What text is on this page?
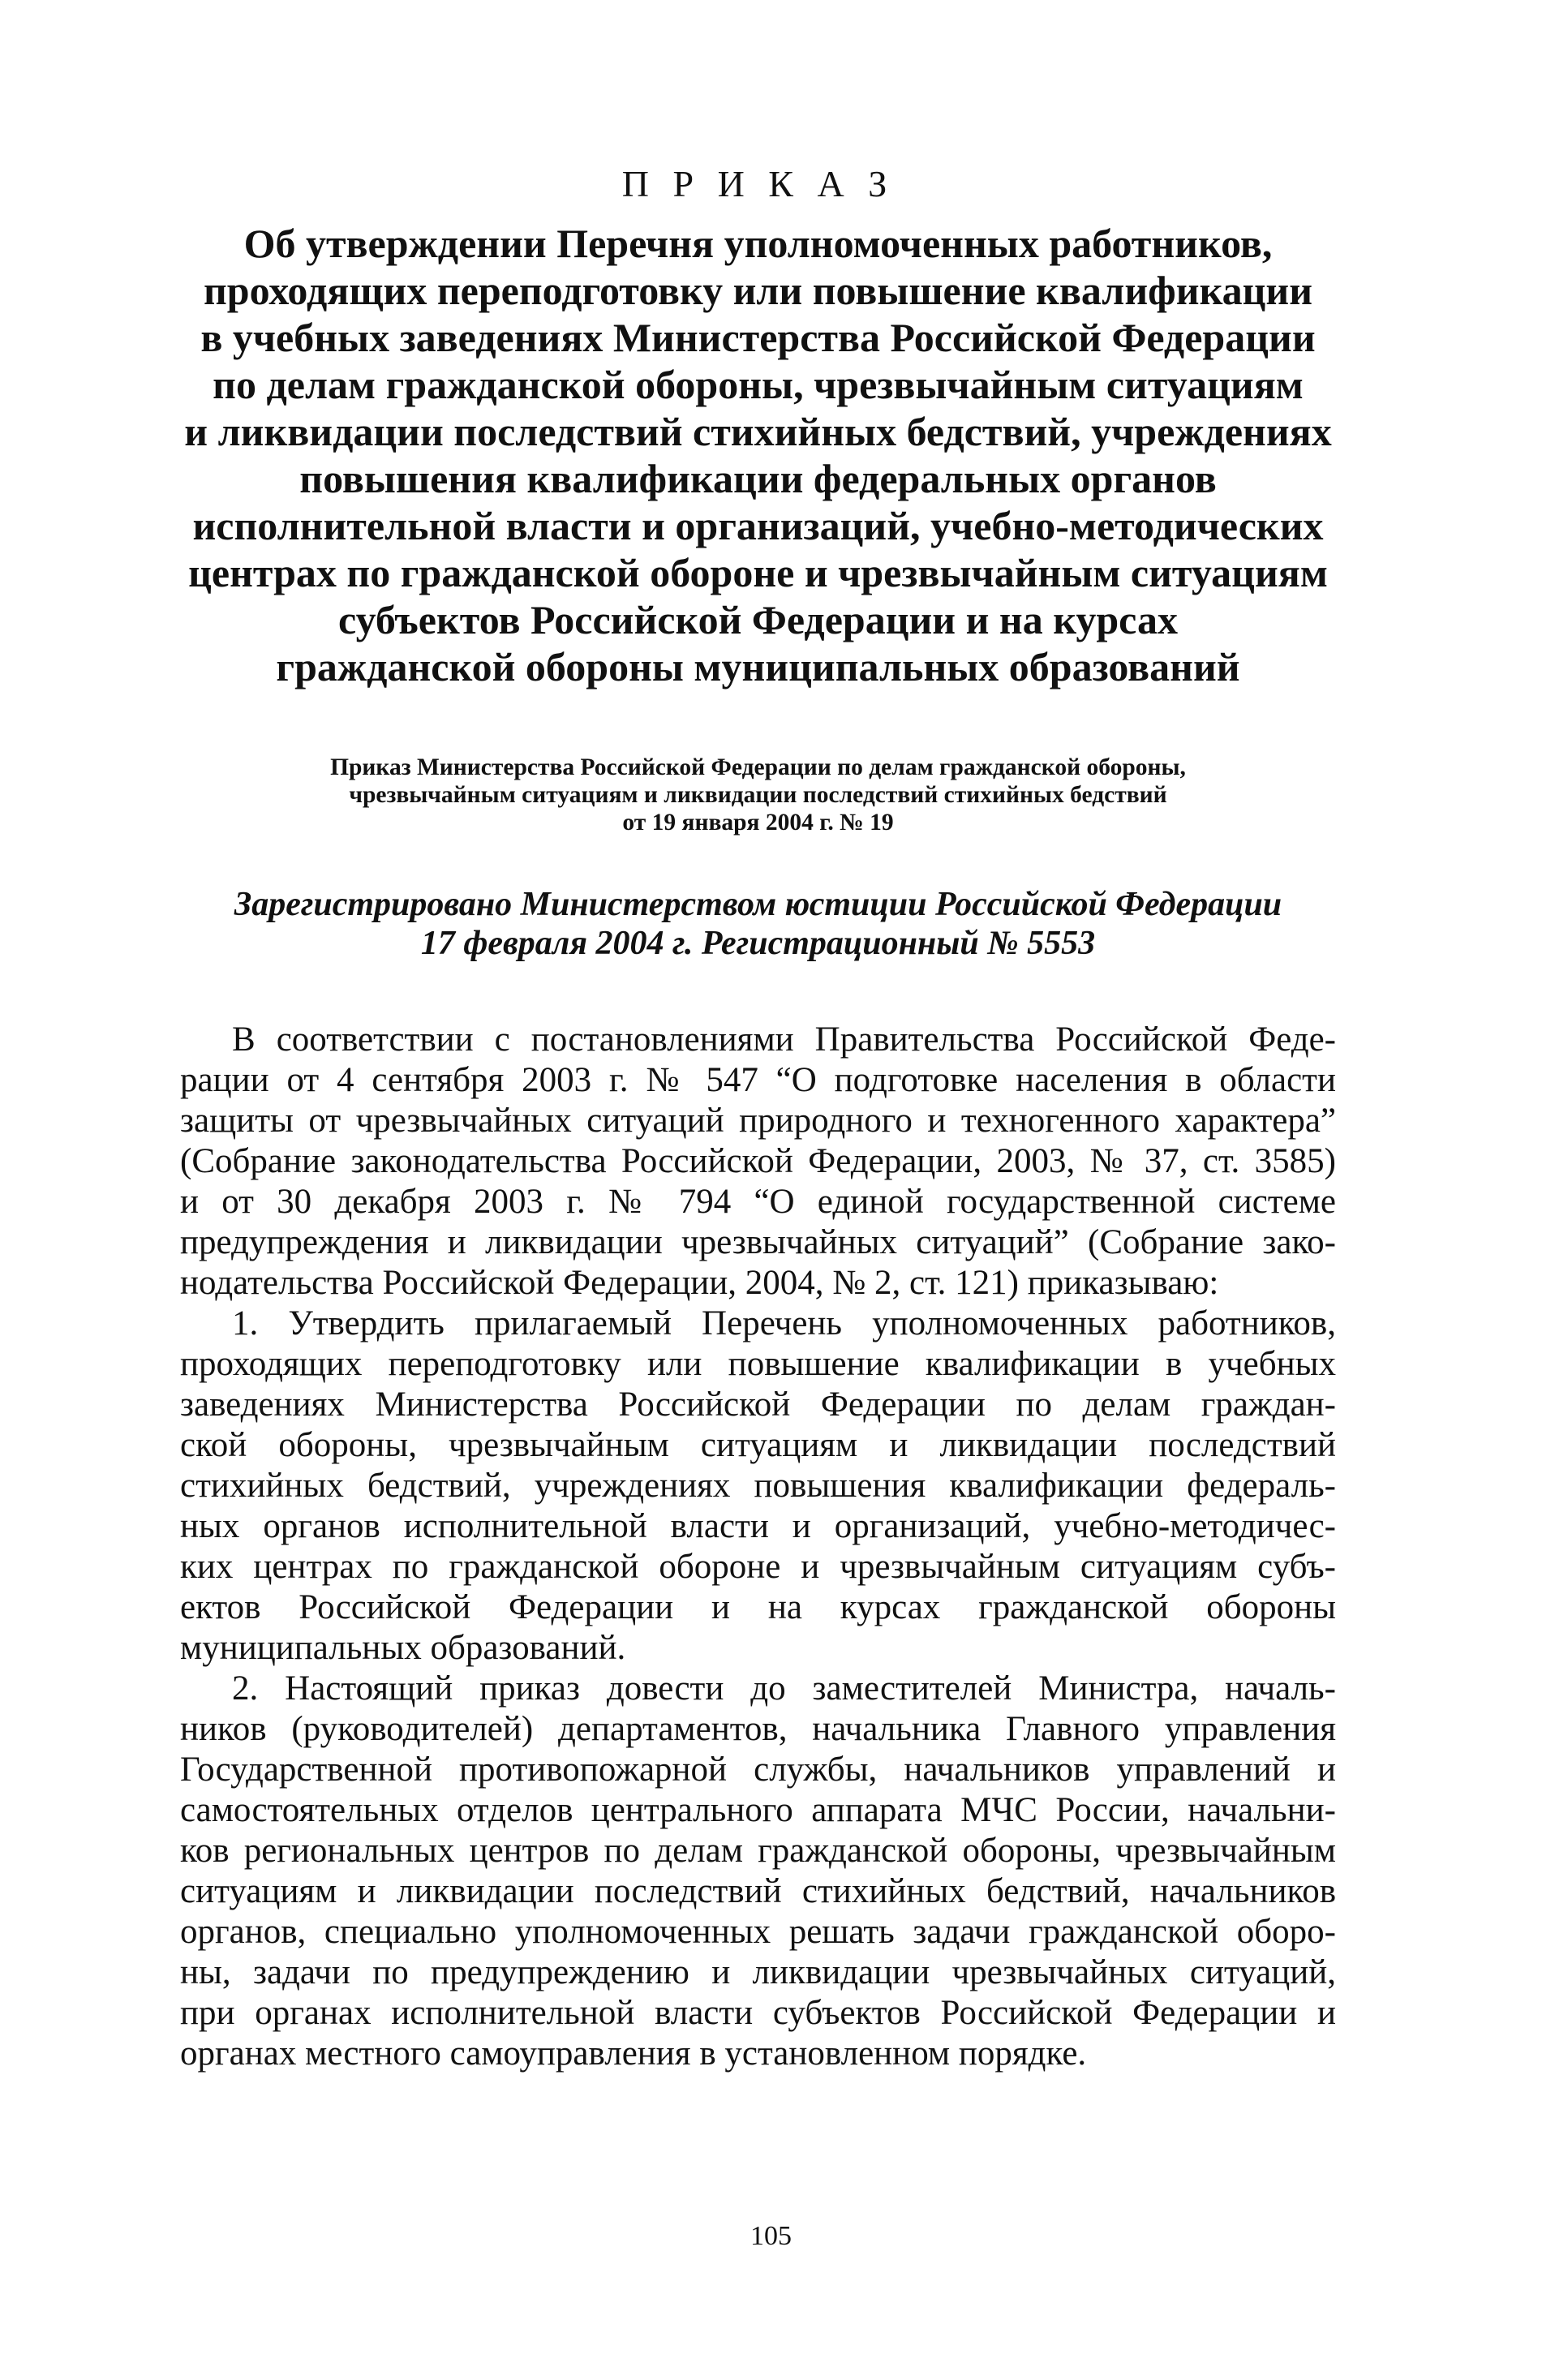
П Р И К А З
Об утверждении Перечня уполномоченных работников,
проходящих переподготовку или повышение квалификации
в учебных заведениях Министерства Российской Федерации
по делам гражданской обороны, чрезвычайным ситуациям
и ликвидации последствий стихийных бедствий, учреждениях
повышения квалификации федеральных органов
исполнительной власти и организаций, учебно-методических
центрах по гражданской обороне и чрезвычайным ситуациям
субъектов Российской Федерации и на курсах
гражданской обороны муниципальных образований
Приказ Министерства Российской Федерации по делам гражданской обороны,
чрезвычайным ситуациям и ликвидации последствий стихийных бедствий
от 19 января 2004 г. № 19
Зарегистрировано Министерством юстиции Российской Федерации
17 февраля 2004 г. Регистрационный № 5553
В соответствии с постановлениями Правительства Российской Феде-
рации от 4 сентября 2003 г. № 547 “О подготовке населения в области
защиты от чрезвычайных ситуаций природного и техногенного характера”
(Собрание законодательства Российской Федерации, 2003, № 37, ст. 3585)
и от 30 декабря 2003 г. № 794 “О единой государственной системе
предупреждения и ликвидации чрезвычайных ситуаций” (Собрание зако-
нодательства Российской Федерации, 2004, № 2, ст. 121) приказываю:
1. Утвердить прилагаемый Перечень уполномоченных работников,
проходящих переподготовку или повышение квалификации в учебных
заведениях Министерства Российской Федерации по делам граждан-
ской обороны, чрезвычайным ситуациям и ликвидации последствий
стихийных бедствий, учреждениях повышения квалификации федераль-
ных органов исполнительной власти и организаций, учебно-методичес-
ких центрах по гражданской обороне и чрезвычайным ситуациям субъ-
ектов Российской Федерации и на курсах гражданской обороны
муниципальных образований.
2. Настоящий приказ довести до заместителей Министра, началь-
ников (руководителей) департаментов, начальника Главного управления
Государственной противопожарной службы, начальников управлений и
самостоятельных отделов центрального аппарата МЧС России, начальни-
ков региональных центров по делам гражданской обороны, чрезвычайным
ситуациям и ликвидации последствий стихийных бедствий, начальников
органов, специально уполномоченных решать задачи гражданской оборо-
ны, задачи по предупреждению и ликвидации чрезвычайных ситуаций,
при органах исполнительной власти субъектов Российской Федерации и
органах местного самоуправления в установленном порядке.
105
